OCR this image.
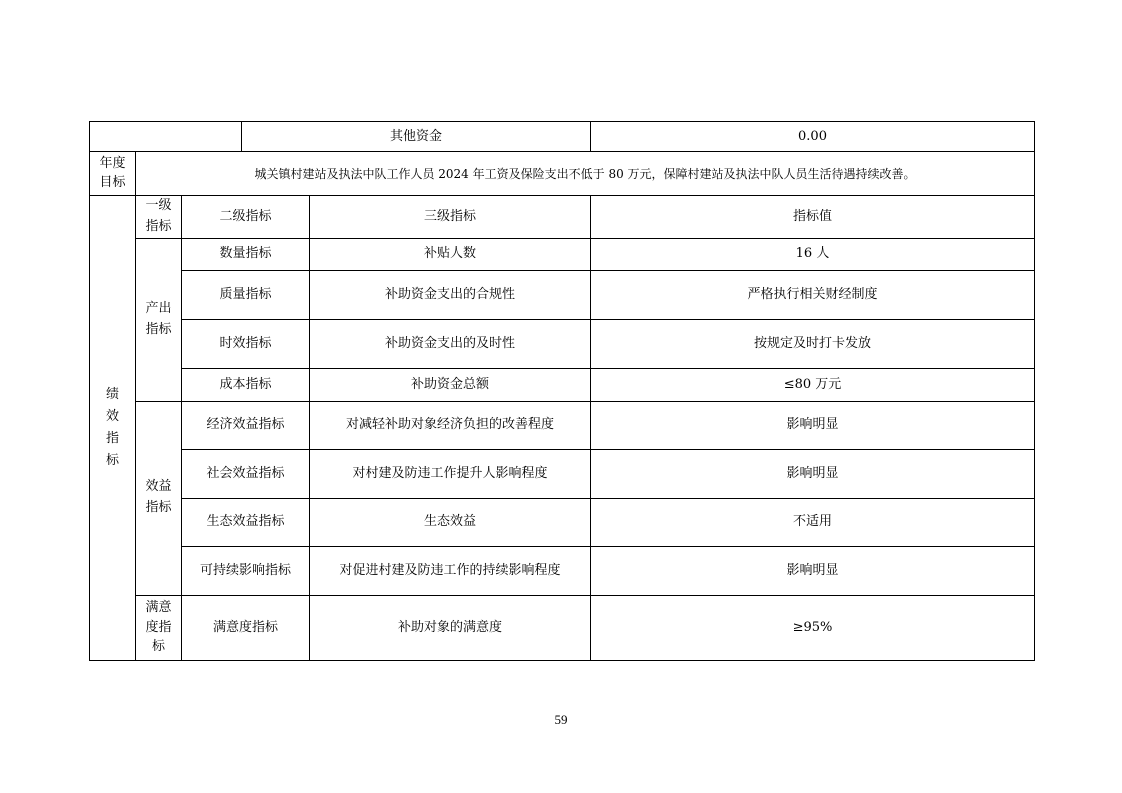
			其他资金		0.00

年度目标	城关镇村建站及执法中队工作人员 2024 年工资及保险支出不低于 80 万元，保障村建站及执法中队人员生活待遇持续改善。				

绩效指标	一级指标	二级指标		三级指标	指标值

	产出指标	数量指标		补贴人数	16 人
		质量指标		补助资金支出的合规性	严格执行相关财经制度
		时效指标		补助资金支出的及时性	按规定及时打卡发放
		成本指标		补助资金总额	≤80 万元

	效益指标	经济效益指标		对减轻补助对象经济负担的改善程度	影响明显
		社会效益指标		对村建及防违工作提升人影响程度	影响明显
		生态效益指标		生态效益	不适用
		可持续影响指标		对促进村建及防违工作的持续影响程度	影响明显

	满意度指标	满意度指标		补助对象的满意度	≥95%
59
